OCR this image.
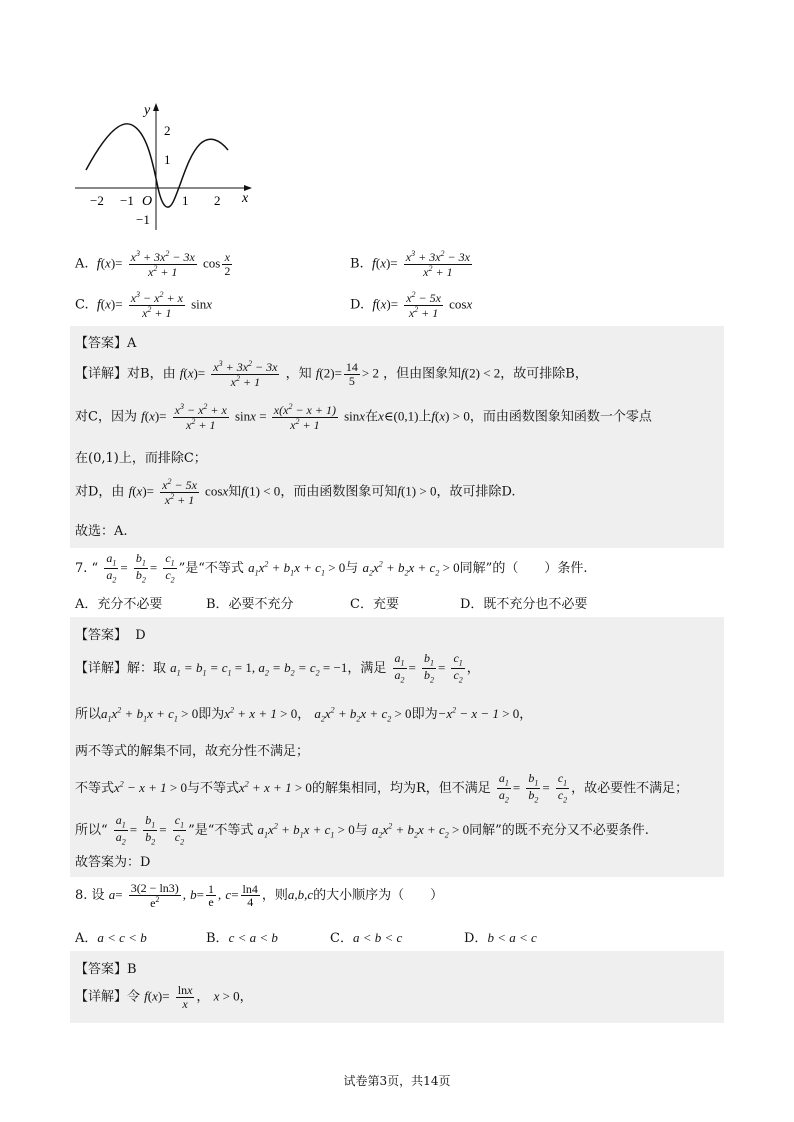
y
x
2
1
−1
O
−2 −1	1 2
A. $f(x)= \frac{x^3 + 3x^2 - 3x}{x^2 + 1}$ $\cos \frac{x}{2}$	B. $f(x)= \frac{x^3 + 3x^2 - 3x}{x^2 + 1}$
C. $f(x)= \frac{x^3 - x^2 + x}{x^2 + 1}$ sinx	D. $f(x)= \frac{x^2 - 5x}{x^2 + 1}$ cosx
【答案】A
【详解】对B，由 $f(x)= \frac{x^3 + 3x^2 - 3x}{x^2 + 1}$ ，知 $f(2)= \frac{14}{5} > 2$ ，但由图象知f(2) < 2，故可排除B，
对C，因为 $f(x)= \frac{x^3 - x^2 + x}{x^2 + 1}$ $\sin x = \frac{x(x^2 - x + 1)}{x^2 + 1}$ sinx在x∈(0,1)上f(x) > 0，而由函数图象知函数一个零点
在(0,1)上，而排除C；
对D，由 $f(x)= \frac{x^2 - 5x}{x^2 + 1}$ cosx知f(1) < 0，而由函数图象可知f(1) > 0，故可排除D.
故选：A.
7. “ $\frac{a_1}{a_2} = \frac{b_1}{b_2} = \frac{c_1}{c_2}$ ”是“不等式 $a_1x^2 + b_1x + c_1 > 0$与 $a_2x^2 + b_2x + c_2 > 0$同解”的（　　）条件.
A．充分不必要	B．必要不充分	C．充要	D．既不充分也不必要
【答案】 D
【详解】解：取 $a_1 = b_1 = c_1 = 1$, $a_2 = b_2 = c_2 = -1$，满足 $\frac{a_1}{a_2} = \frac{b_1}{b_2} = \frac{c_1}{c_2}$ ，
所以$a_1x^2 + b_1x + c_1 > 0$即为$x^2 + x + 1 > 0$， $a_2x^2 + b_2x + c_2 > 0$即为$-x^2 - x - 1 > 0$，
两不等式的解集不同，故充分性不满足；
不等式$x^2 - x + 1 > 0$与不等式$x^2 + x + 1 > 0$的解集相同，均为R，但不满足 $\frac{a_1}{a_2} = \frac{b_1}{b_2} = \frac{c_1}{c_2}$ ，故必要性不满足；
所以“ $\frac{a_1}{a_2} = \frac{b_1}{b_2} = \frac{c_1}{c_2}$ ”是“不等式 $a_1x^2 + b_1x + c_1 > 0$与 $a_2x^2 + b_2x + c_2 > 0$同解”的既不充分又不必要条件.
故答案为：D
8. 设 $a= \frac{3(2 - \ln 3)}{e^2}$ , $b= \frac{1}{e}$ , $c= \frac{\ln 4}{4}$ ，则a,b,c的大小顺序为（　　）
A．a < c < b	B．c < a < b	C．a < b < c	D．b < a < c
【答案】B
【详解】令 $f(x)= \frac{\ln x}{x}$ ， x > 0，
试卷第3页，共14页
